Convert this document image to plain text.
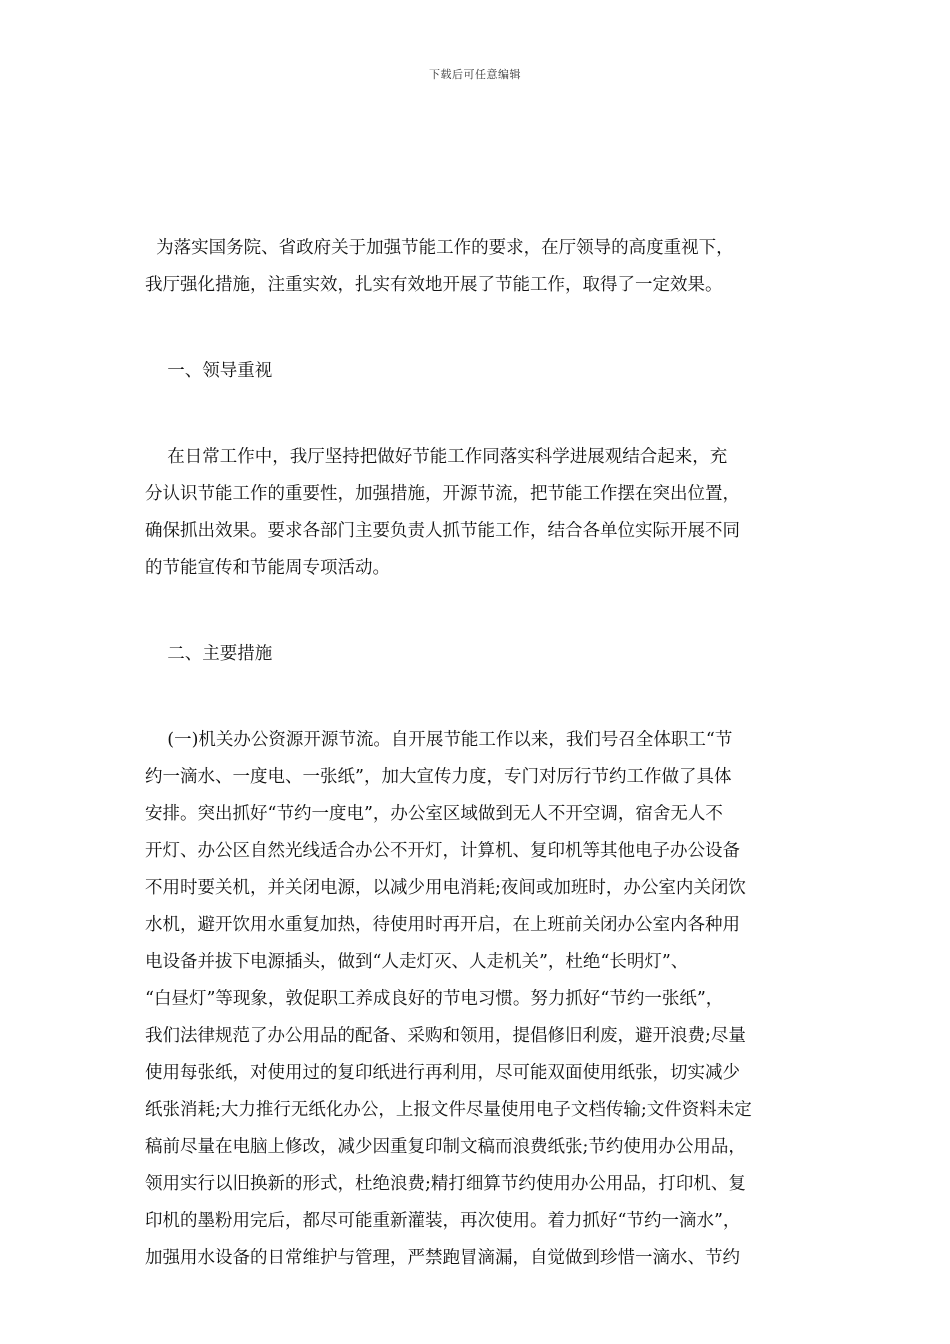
下载后可任意编辑
为落实国务院、省政府关于加强节能工作的要求，在厅领导的高度重视下，
我厅强化措施，注重实效，扎实有效地开展了节能工作，取得了一定效果。
一、领导重视
在日常工作中，我厅坚持把做好节能工作同落实科学进展观结合起来，充
分认识节能工作的重要性，加强措施，开源节流，把节能工作摆在突出位置，
确保抓出效果。要求各部门主要负责人抓节能工作，结合各单位实际开展不同
的节能宣传和节能周专项活动。
二、主要措施
(一)机关办公资源开源节流。自开展节能工作以来，我们号召全体职工“节
约一滴水、一度电、一张纸”，加大宣传力度，专门对厉行节约工作做了具体
安排。突出抓好“节约一度电”，办公室区域做到无人不开空调，宿舍无人不
开灯、办公区自然光线适合办公不开灯，计算机、复印机等其他电子办公设备
不用时要关机，并关闭电源，以减少用电消耗;夜间或加班时，办公室内关闭饮
水机，避开饮用水重复加热，待使用时再开启，在上班前关闭办公室内各种用
电设备并拔下电源插头，做到“人走灯灭、人走机关”，杜绝“长明灯”、
“白昼灯”等现象，敦促职工养成良好的节电习惯。努力抓好“节约一张纸”，
我们法律规范了办公用品的配备、采购和领用，提倡修旧利废，避开浪费;尽量
使用每张纸，对使用过的复印纸进行再利用，尽可能双面使用纸张，切实减少
纸张消耗;大力推行无纸化办公，上报文件尽量使用电子文档传输;文件资料未定
稿前尽量在电脑上修改，减少因重复印制文稿而浪费纸张;节约使用办公用品，
领用实行以旧换新的形式，杜绝浪费;精打细算节约使用办公用品，打印机、复
印机的墨粉用完后，都尽可能重新灌装，再次使用。着力抓好“节约一滴水”，
加强用水设备的日常维护与管理，严禁跑冒滴漏，自觉做到珍惜一滴水、节约
